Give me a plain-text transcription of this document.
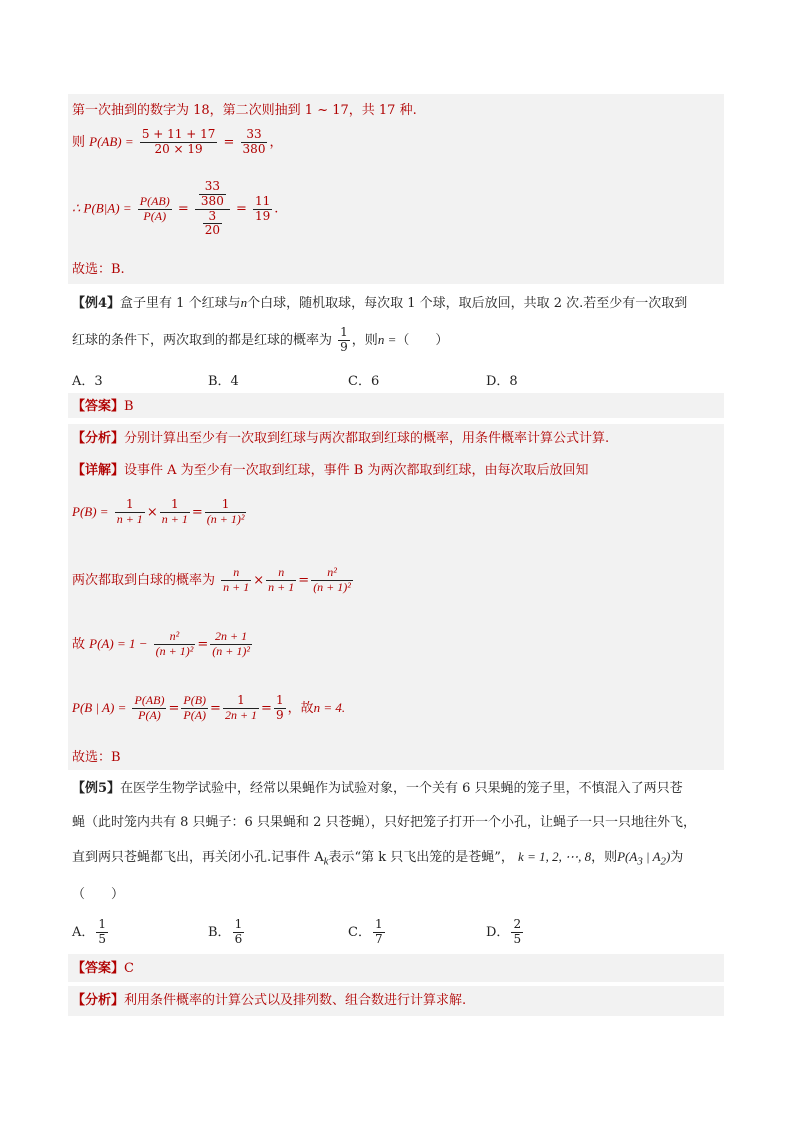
第一次抽到的数字为 18，第二次则抽到 1 ~ 17，共 17 种.
则 $P(AB) = \frac{5 + 11 + 17}{20 \times 19} = \frac{33}{380}$ ，
∴ $P(B|A) = \frac{P(AB)}{P(A)} = \frac{\frac{33}{380}}{\frac{3}{20}} = \frac{11}{19}$ .
故选：B.
【例4】盒子里有 1 个红球与n个白球，随机取球，每次取 1 个球，取后放回，共取 2 次.若至少有一次取到
红球的条件下，两次取到的都是红球的概率为 $\frac{1}{9}$ ，则n =（　　）
A．3	B．4	C．6	D．8
【答案】B
【分析】分别计算出至少有一次取到红球与两次都取到红球的概率，用条件概率计算公式计算.
【详解】设事件 A 为至少有一次取到红球，事件 B 为两次都取到红球，由每次取后放回知
$P(B) = \frac{1}{n + 1} \times \frac{1}{n + 1} = \frac{1}{\text{(n + 1)²}}$
两次都取到白球的概率为 $\frac{n}{n + 1} \times \frac{n}{n + 1} = \frac{\text{n²}}{\text{(n + 1)²}}$
故 $P(A) = 1 - \frac{\text{n²}}{\text{(n + 1)²}} = \frac{2n + 1}{\text{(n + 1)²}}$
P(B | $A) = \frac{P(AB)}{P(A)} = \frac{P(B)}{P(A)} = \frac{1}{2n + 1} = \frac{1}{9}$ ，故n = 4.
故选：B
【例5】在医学生物学试验中，经常以果蝇作为试验对象，一个关有 6 只果蝇的笼子里，不慎混入了两只苍
蝇（此时笼内共有 8 只蝇子：6 只果蝇和 2 只苍蝇），只好把笼子打开一个小孔，让蝇子一只一只地往外飞，
直到两只苍蝇都飞出，再关闭小孔.记事件 $A_k$表示“第 k 只飞出笼的是苍蝇”， k = 1, 2, ⋯, 8，则$P(A_3$ | $A_2$)为
（　　）
A． $\frac{1}{5}$	B． $\frac{1}{6}$	C． $\frac{1}{7}$	D． $\frac{2}{5}$
【答案】C
【分析】利用条件概率的计算公式以及排列数、组合数进行计算求解.
